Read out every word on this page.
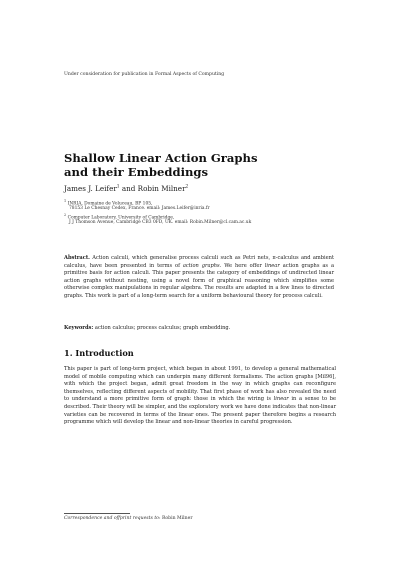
Under consideration for publication in Formal Aspects of Computing
Shallow Linear Action Graphs
and their Embeddings
James J. Leifer$^1$ and Robin Milner$^2$
$^1$ INRIA, Domaine de Voluceau, BP 105,
78153 Le Chesnay Cedex, France. email: James.Leifer@inria.fr
$^2$ Computer Laboratory, University of Cambridge,
J J Thomson Avenue, Cambridge CB3 0FD, UK. email: Robin.Milner@cl.cam.ac.uk
Abstract. Action calculi, which generalise process calculi such as Petri nets, π-calculus and ambient calculus, have been presented in terms of action graphs. We here offer linear action graphs as a primitive basis for action calculi. This paper presents the category of embeddings of undirected linear action graphs without nesting, using a novel form of graphical reasoning which simplifies some otherwise complex manipulations in regular algebra. The results are adapted in a few lines to directed graphs. This work is part of a long-term search for a uniform behavioural theory for process calculi.
Keywords: action calculus; process calculus; graph embedding.
1. Introduction
This paper is part of long-term project, which began in about 1991, to develop a general mathematical model of mobile computing which can underpin many different formalisms. The action graphs [Mil96], with which the project began, admit great freedom in the way in which graphs can reconfigure themselves, reflecting different aspects of mobility. That first phase of work has also revealed the need to understand a more primitive form of graph: those in which the wiring is linear in a sense to be described. Their theory will be simpler, and the exploratory work we have done indicates that non-linear varieties can be recovered in terms of the linear ones. The present paper therefore begins a research programme which will develop the linear and non-linear theories in careful progression.
Correspondence and offprint requests to: Robin Milner
